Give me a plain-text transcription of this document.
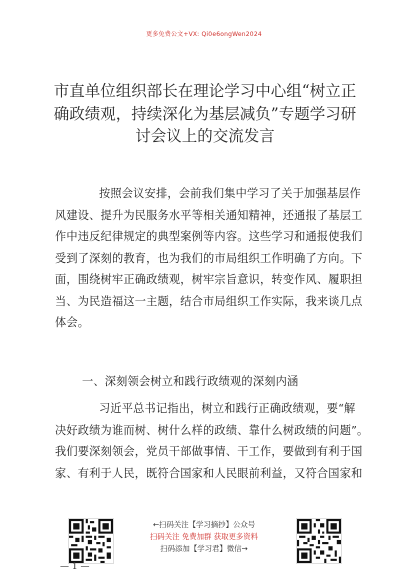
更多免费公文+VX: Qi0e6ongWen2024
市直单位组织部长在理论学习中心组“树立正
确政绩观，持续深化为基层减负”专题学习研
讨会议上的交流发言
按照会议安排，会前我们集中学习了关于加强基层作
风建设、提升为民服务水平等相关通知精神，还通报了基层工
作中违反纪律规定的典型案例等内容。这些学习和通报使我们
受到了深刻的教育，也为我们的市局组织工作明确了方向。下
面，围绕树牢正确政绩观，树牢宗旨意识，转变作风、履职担
当、为民造福这一主题，结合市局组织工作实际，我来谈几点
体会。
一、深刻领会树立和践行政绩观的深刻内涵
习近平总书记指出，树立和践行正确政绩观，要“解
决好政绩为谁而树、树什么样的政绩、靠什么树政绩的问题”。
我们要深刻领会，党员干部做事情、干工作，要做到有利于国
家、有利于人民，既符合国家和人民眼前利益，又符合国家和
←扫码关注【学习摘抄】公众号
扫码关注 免费加群 获取更多资料
扫码添加【学习君】微信→
— 1 —
